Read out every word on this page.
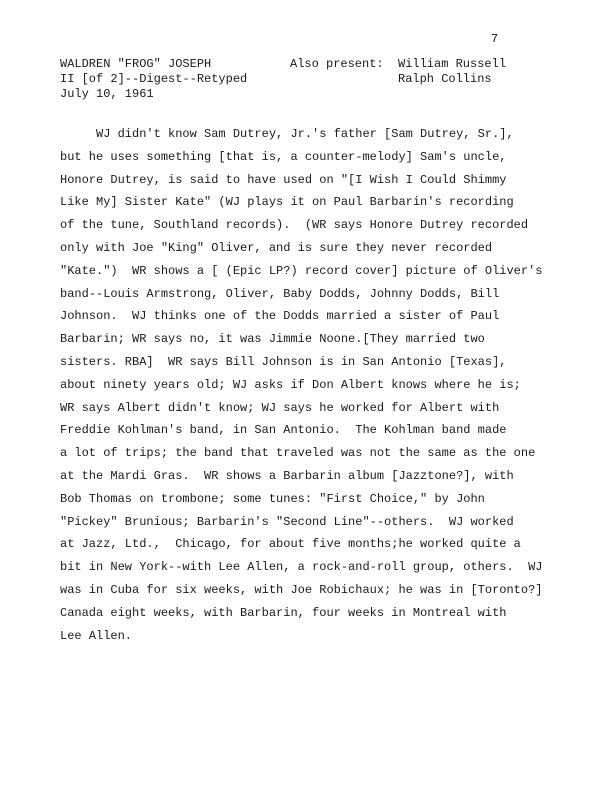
7
WALDREN "FROG" JOSEPH
II [of 2]--Digest--Retyped
July 10, 1961
Also present: William Russell
Ralph Collins
WJ didn't know Sam Dutrey, Jr.'s father [Sam Dutrey, Sr.],
but he uses something [that is, a counter-melody] Sam's uncle,
Honore Dutrey, is said to have used on "[I Wish I Could Shimmy
Like My] Sister Kate" (WJ plays it on Paul Barbarin's recording
of the tune, Southland records).  (WR says Honore Dutrey recorded
only with Joe "King" Oliver, and is sure they never recorded
"Kate.")  WR shows a [ (Epic LP?) record cover] picture of Oliver's
band--Louis Armstrong, Oliver, Baby Dodds, Johnny Dodds, Bill
Johnson.  WJ thinks one of the Dodds married a sister of Paul
Barbarin; WR says no, it was Jimmie Noone.[They married two
sisters. RBA]  WR says Bill Johnson is in San Antonio [Texas],
about ninety years old; WJ asks if Don Albert knows where he is;
WR says Albert didn't know; WJ says he worked for Albert with
Freddie Kohlman's band, in San Antonio.  The Kohlman band made
a lot of trips; the band that traveled was not the same as the one
at the Mardi Gras.  WR shows a Barbarin album [Jazztone?], with
Bob Thomas on trombone; some tunes: "First Choice," by John
"Pickey" Brunious; Barbarin's "Second Line"--others.  WJ worked
at Jazz, Ltd.,  Chicago, for about five months;he worked quite a
bit in New York--with Lee Allen, a rock-and-roll group, others.  WJ
was in Cuba for six weeks, with Joe Robichaux; he was in [Toronto?]
Canada eight weeks, with Barbarin, four weeks in Montreal with
Lee Allen.
